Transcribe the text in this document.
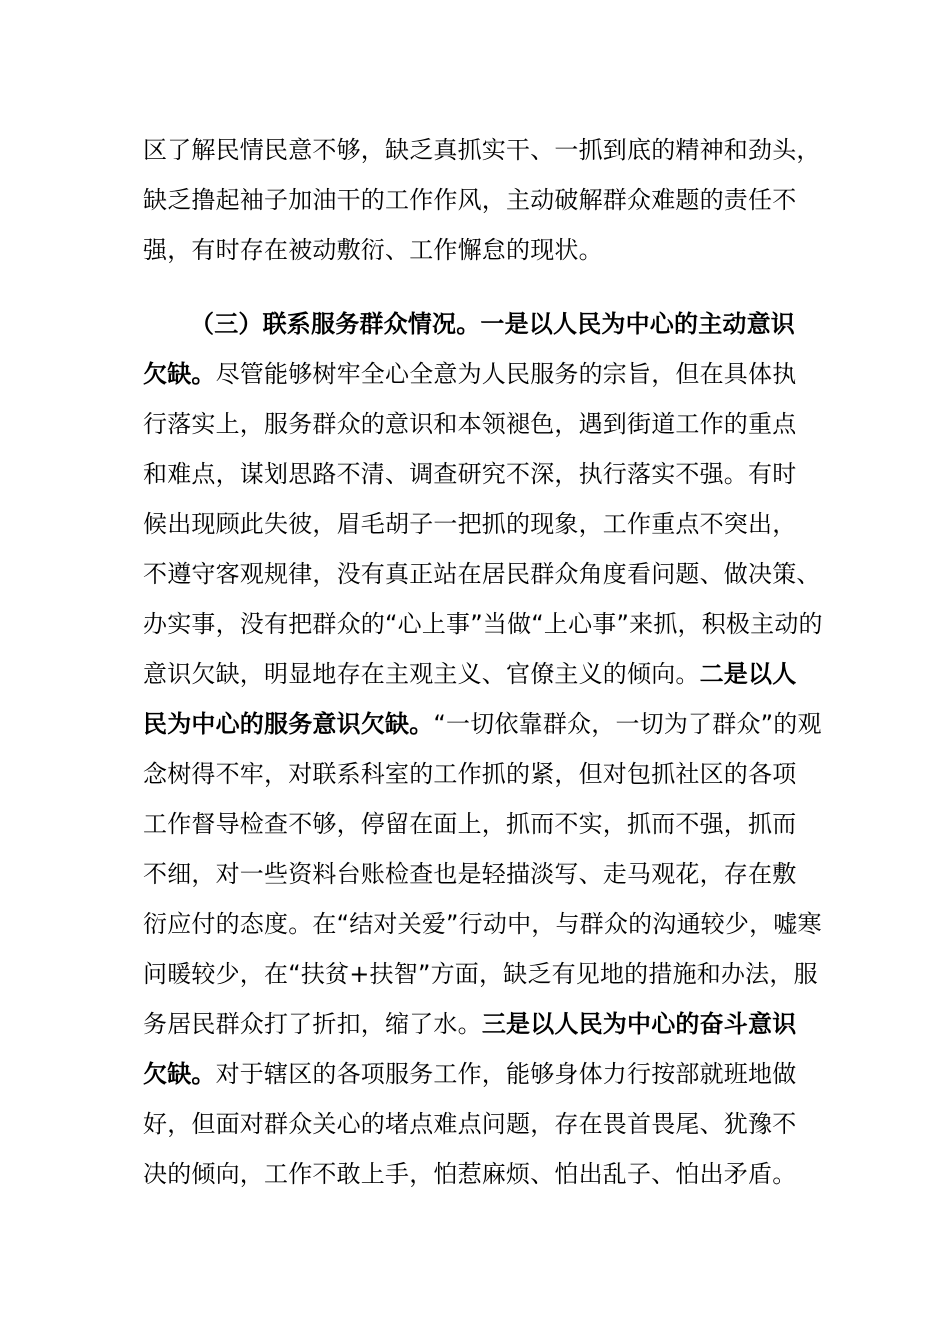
区了解民情民意不够，缺乏真抓实干、一抓到底的精神和劲头，
缺乏撸起袖子加油干的工作作风，主动破解群众难题的责任不
强，有时存在被动敷衍、工作懈怠的现状。
（三）联系服务群众情况。一是以人民为中心的主动意识
欠缺。尽管能够树牢全心全意为人民服务的宗旨，但在具体执
行落实上，服务群众的意识和本领褪色，遇到街道工作的重点
和难点，谋划思路不清、调查研究不深，执行落实不强。有时
候出现顾此失彼，眉毛胡子一把抓的现象，工作重点不突出，
不遵守客观规律，没有真正站在居民群众角度看问题、做决策、
办实事，没有把群众的“心上事”当做“上心事”来抓，积极主动的
意识欠缺，明显地存在主观主义、官僚主义的倾向。二是以人
民为中心的服务意识欠缺。“一切依靠群众，一切为了群众”的观
念树得不牢，对联系科室的工作抓的紧，但对包抓社区的各项
工作督导检查不够，停留在面上，抓而不实，抓而不强，抓而
不细，对一些资料台账检查也是轻描淡写、走马观花，存在敷
衍应付的态度。在“结对关爱”行动中，与群众的沟通较少，嘘寒
问暖较少，在“扶贫+扶智”方面，缺乏有见地的措施和办法，服
务居民群众打了折扣，缩了水。三是以人民为中心的奋斗意识
欠缺。对于辖区的各项服务工作，能够身体力行按部就班地做
好，但面对群众关心的堵点难点问题，存在畏首畏尾、犹豫不
决的倾向，工作不敢上手，怕惹麻烦、怕出乱子、怕出矛盾。
